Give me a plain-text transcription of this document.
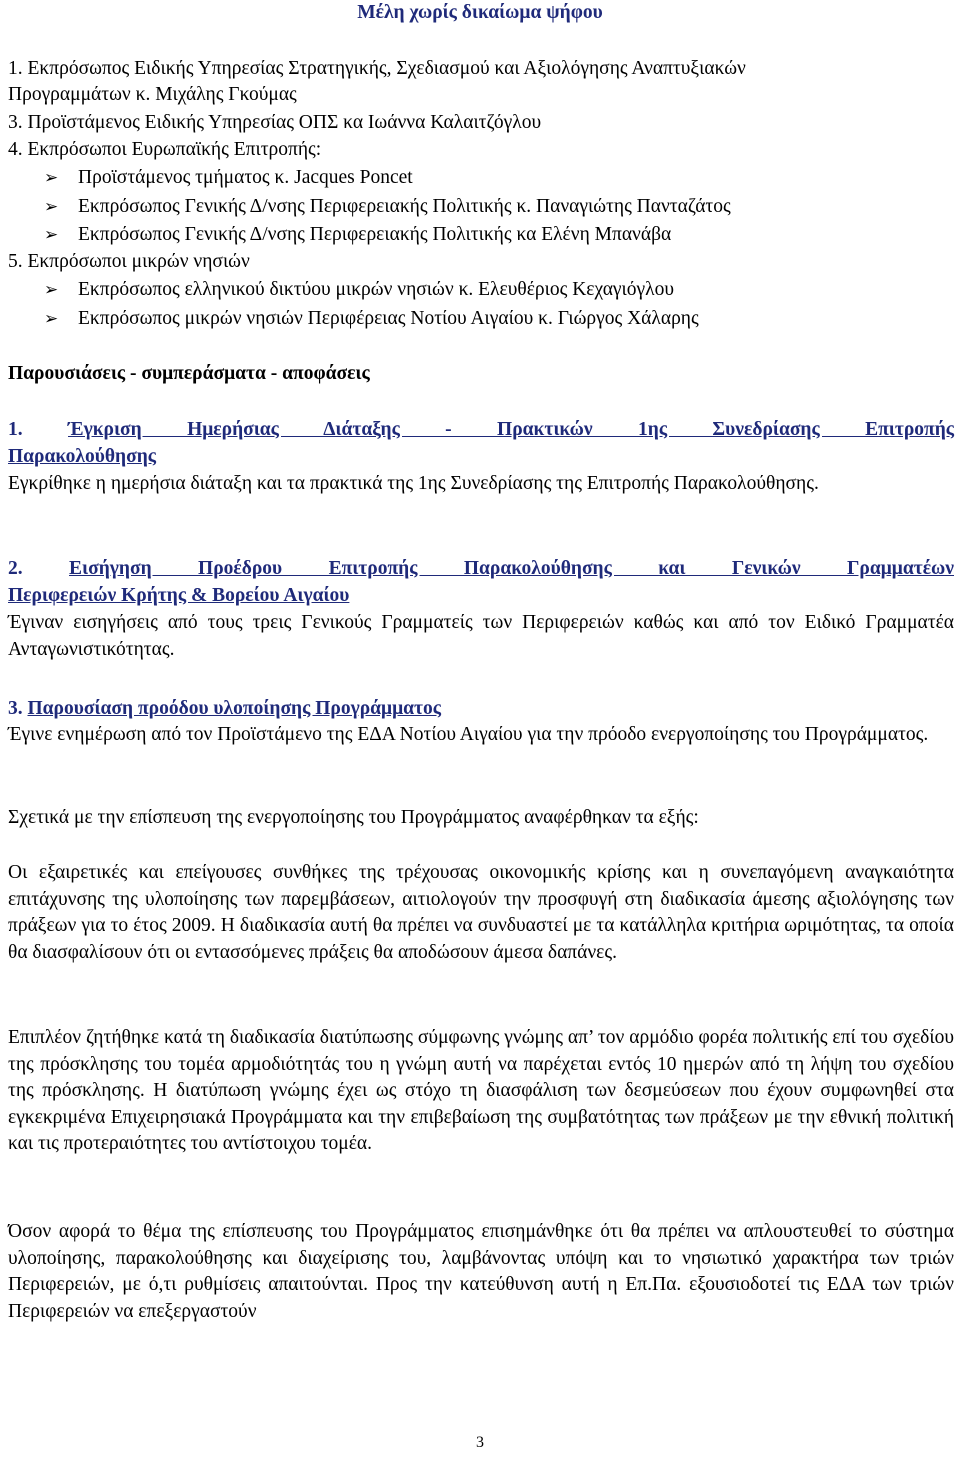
Μέλη χωρίς δικαίωμα ψήφου

1. Εκπρόσωπος Ειδικής Υπηρεσίας Στρατηγικής, Σχεδιασμού και Αξιολόγησης Αναπτυξιακών

Προγραμμάτων κ. Μιχάλης Γκούμας

3. Προϊστάμενος Ειδικής Υπηρεσίας ΟΠΣ κα Ιωάννα Καλαιτζόγλου

4. Εκπρόσωποι Ευρωπαϊκής Επιτροπής:

➢ Προϊστάμενος τμήματος κ. Jacques Poncet
➢ Εκπρόσωπος Γενικής Δ/νσης Περιφερειακής Πολιτικής κ. Παναγιώτης Πανταζάτος
➢ Εκπρόσωπος Γενικής Δ/νσης Περιφερειακής Πολιτικής κα Ελένη Μπανάβα

5. Εκπρόσωποι μικρών νησιών

➢ Εκπρόσωπος ελληνικού δικτύου μικρών νησιών κ. Ελευθέριος Κεχαγιόγλου
➢ Εκπρόσωπος μικρών νησιών Περιφέρειας Νοτίου Αιγαίου κ. Γιώργος Χάλαρης

Παρουσιάσεις - συμπεράσματα - αποφάσεις

1. Έγκριση Ημερήσιας Διάταξης - Πρακτικών 1ης Συνεδρίασης Επιτροπής

Παρακολούθησης

Εγκρίθηκε η ημερήσια διάταξη και τα πρακτικά της 1ης Συνεδρίασης της Επιτροπής Παρακολούθησης.

2. Εισήγηση Προέδρου Επιτροπής Παρακολούθησης και Γενικών Γραμματέων

Περιφερειών Κρήτης & Βορείου Αιγαίου

Έγιναν εισηγήσεις από τους τρεις Γενικούς Γραμματείς των Περιφερειών καθώς και από τον Ειδικό Γραμματέα Ανταγωνιστικότητας.

3. Παρουσίαση προόδου υλοποίησης Προγράμματος

Έγινε ενημέρωση από τον Προϊστάμενο της ΕΔΑ Νοτίου Αιγαίου για την πρόοδο ενεργοποίησης του Προγράμματος.

Σχετικά με την επίσπευση της ενεργοποίησης του Προγράμματος αναφέρθηκαν τα εξής:

Οι εξαιρετικές και επείγουσες συνθήκες της τρέχουσας οικονομικής κρίσης και η συνεπαγόμενη αναγκαιότητα επιτάχυνσης της υλοποίησης των παρεμβάσεων, αιτιολογούν την προσφυγή στη διαδικασία άμεσης αξιολόγησης των πράξεων για το έτος 2009. Η διαδικασία αυτή θα πρέπει να συνδυαστεί με τα κατάλληλα κριτήρια ωριμότητας, τα οποία θα διασφαλίσουν ότι οι εντασσόμενες πράξεις θα αποδώσουν άμεσα δαπάνες.

Επιπλέον ζητήθηκε κατά τη διαδικασία διατύπωσης σύμφωνης γνώμης απ’ τον αρμόδιο φορέα πολιτικής επί του σχεδίου της πρόσκλησης του τομέα αρμοδιότητάς του η γνώμη αυτή να παρέχεται εντός 10 ημερών από τη λήψη του σχεδίου της πρόσκλησης. Η διατύπωση γνώμης έχει ως στόχο τη διασφάλιση των δεσμεύσεων που έχουν συμφωνηθεί στα εγκεκριμένα Επιχειρησιακά Προγράμματα και την επιβεβαίωση της συμβατότητας των πράξεων με την εθνική πολιτική και τις προτεραιότητες του αντίστοιχου τομέα.

Όσον αφορά το θέμα της επίσπευσης του Προγράμματος επισημάνθηκε ότι θα πρέπει να απλουστευθεί το σύστημα υλοποίησης, παρακολούθησης και διαχείρισης του, λαμβάνοντας υπόψη και το νησιωτικό χαρακτήρα των τριών Περιφερειών, με ό,τι ρυθμίσεις απαιτούνται. Προς την κατεύθυνση αυτή η Επ.Πα. εξουσιοδοτεί τις ΕΔΑ των τριών Περιφερειών να επεξεργαστούν

3
